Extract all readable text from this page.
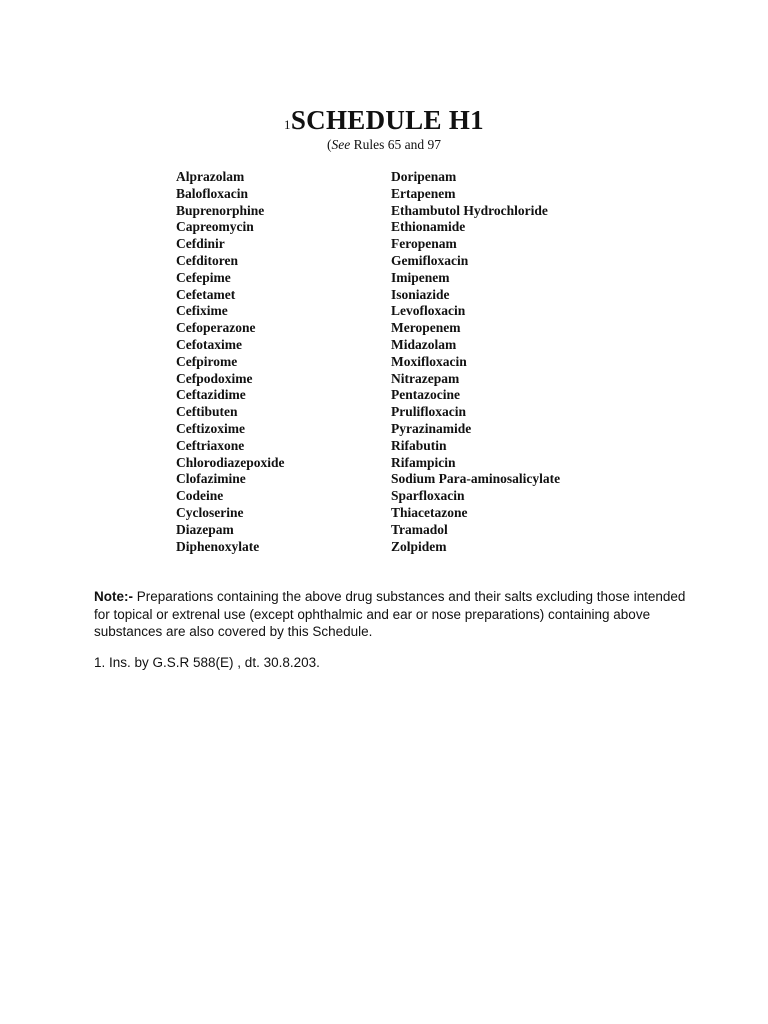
1SCHEDULE H1
(See Rules 65 and 97
Alprazolam
Balofloxacin
Buprenorphine
Capreomycin
Cefdinir
Cefditoren
Cefepime
Cefetamet
Cefixime
Cefoperazone
Cefotaxime
Cefpirome
Cefpodoxime
Ceftazidime
Ceftibuten
Ceftizoxime
Ceftriaxone
Chlorodiazepoxide
Clofazimine
Codeine
Cycloserine
Diazepam
Diphenoxylate
Doripenam
Ertapenem
Ethambutol Hydrochloride
Ethionamide
Feropenam
Gemifloxacin
Imipenem
Isoniazide
Levofloxacin
Meropenem
Midazolam
Moxifloxacin
Nitrazepam
Pentazocine
Prulifloxacin
Pyrazinamide
Rifabutin
Rifampicin
Sodium Para-aminosalicylate
Sparfloxacin
Thiacetazone
Tramadol
Zolpidem

Note:- Preparations containing the above drug substances and their salts excluding those intended for topical or extrenal use (except ophthalmic and ear or nose preparations) containing above substances are also covered by this Schedule.

1. Ins. by G.S.R 588(E) , dt. 30.8.203.
